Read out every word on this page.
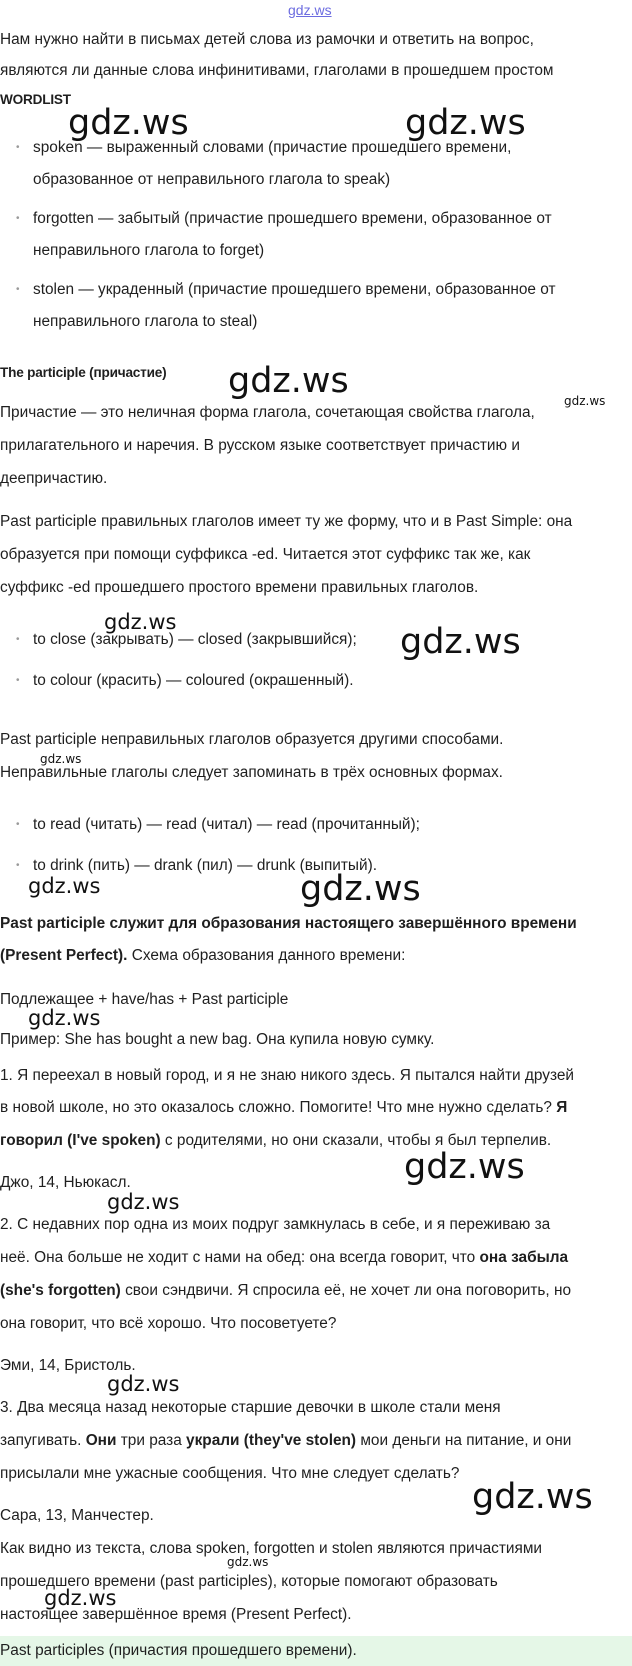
gdz.ws
Нам нужно найти в письмах детей слова из рамочки и ответить на вопрос,
являются ли данные слова инфинитивами, глаголами в прошедшем простом
WORDLIST
• spoken — выраженный словами (причастие прошедшего времени,
образованное от неправильного глагола to speak)
• forgotten — забытый (причастие прошедшего времени, образованное от
неправильного глагола to forget)
• stolen — украденный (причастие прошедшего времени, образованное от
неправильного глагола to steal)
The participle (причастие)
Причастие — это неличная форма глагола, сочетающая свойства глагола,
прилагательного и наречия. В русском языке соответствует причастию и
деепричастию.
Past participle правильных глаголов имеет ту же форму, что и в Past Simple: она
образуется при помощи суффикса -ed. Читается этот суффикс так же, как
суффикс -ed прошедшего простого времени правильных глаголов.
• to close (закрывать) — closed (закрывшийся);
• to colour (красить) — coloured (окрашенный).
Past participle неправильных глаголов образуется другими способами.
Неправильные глаголы следует запоминать в трёх основных формах.
• to read (читать) — read (читал) — read (прочитанный);
• to drink (пить) — drank (пил) — drunk (выпитый).
Past participle служит для образования настоящего завершённого времени
(Present Perfect). Схема образования данного времени:
Подлежащее + have/has + Past participle
Пример: She has bought a new bag. Она купила новую сумку.
1. Я переехал в новый город, и я не знаю никого здесь. Я пытался найти друзей
в новой школе, но это оказалось сложно. Помогите! Что мне нужно сделать? Я
говорил (I've spoken) с родителями, но они сказали, чтобы я был терпелив.
Джо, 14, Ньюкасл.
2. С недавних пор одна из моих подруг замкнулась в себе, и я переживаю за
неё. Она больше не ходит с нами на обед: она всегда говорит, что она забыла
(she's forgotten) свои сэндвичи. Я спросила её, не хочет ли она поговорить, но
она говорит, что всё хорошо. Что посоветуете?
Эми, 14, Бристоль.
3. Два месяца назад некоторые старшие девочки в школе стали меня
запугивать. Они три раза украли (they've stolen) мои деньги на питание, и они
присылали мне ужасные сообщения. Что мне следует сделать?
Сара, 13, Манчестер.
Как видно из текста, слова spoken, forgotten и stolen являются причастиями
прошедшего времени (past participles), которые помогают образовать
настоящее завершённое время (Present Perfect).
Past participles (причастия прошедшего времени).
gdz.ws	gdz.ws
gdz.ws	gdz.ws
gdz.ws	gdz.ws
gdz.ws
gdz.ws	gdz.ws
gdz.ws
gdz.ws
gdz.ws
gdz.ws
gdz.ws
gdz.ws
gdz.ws
